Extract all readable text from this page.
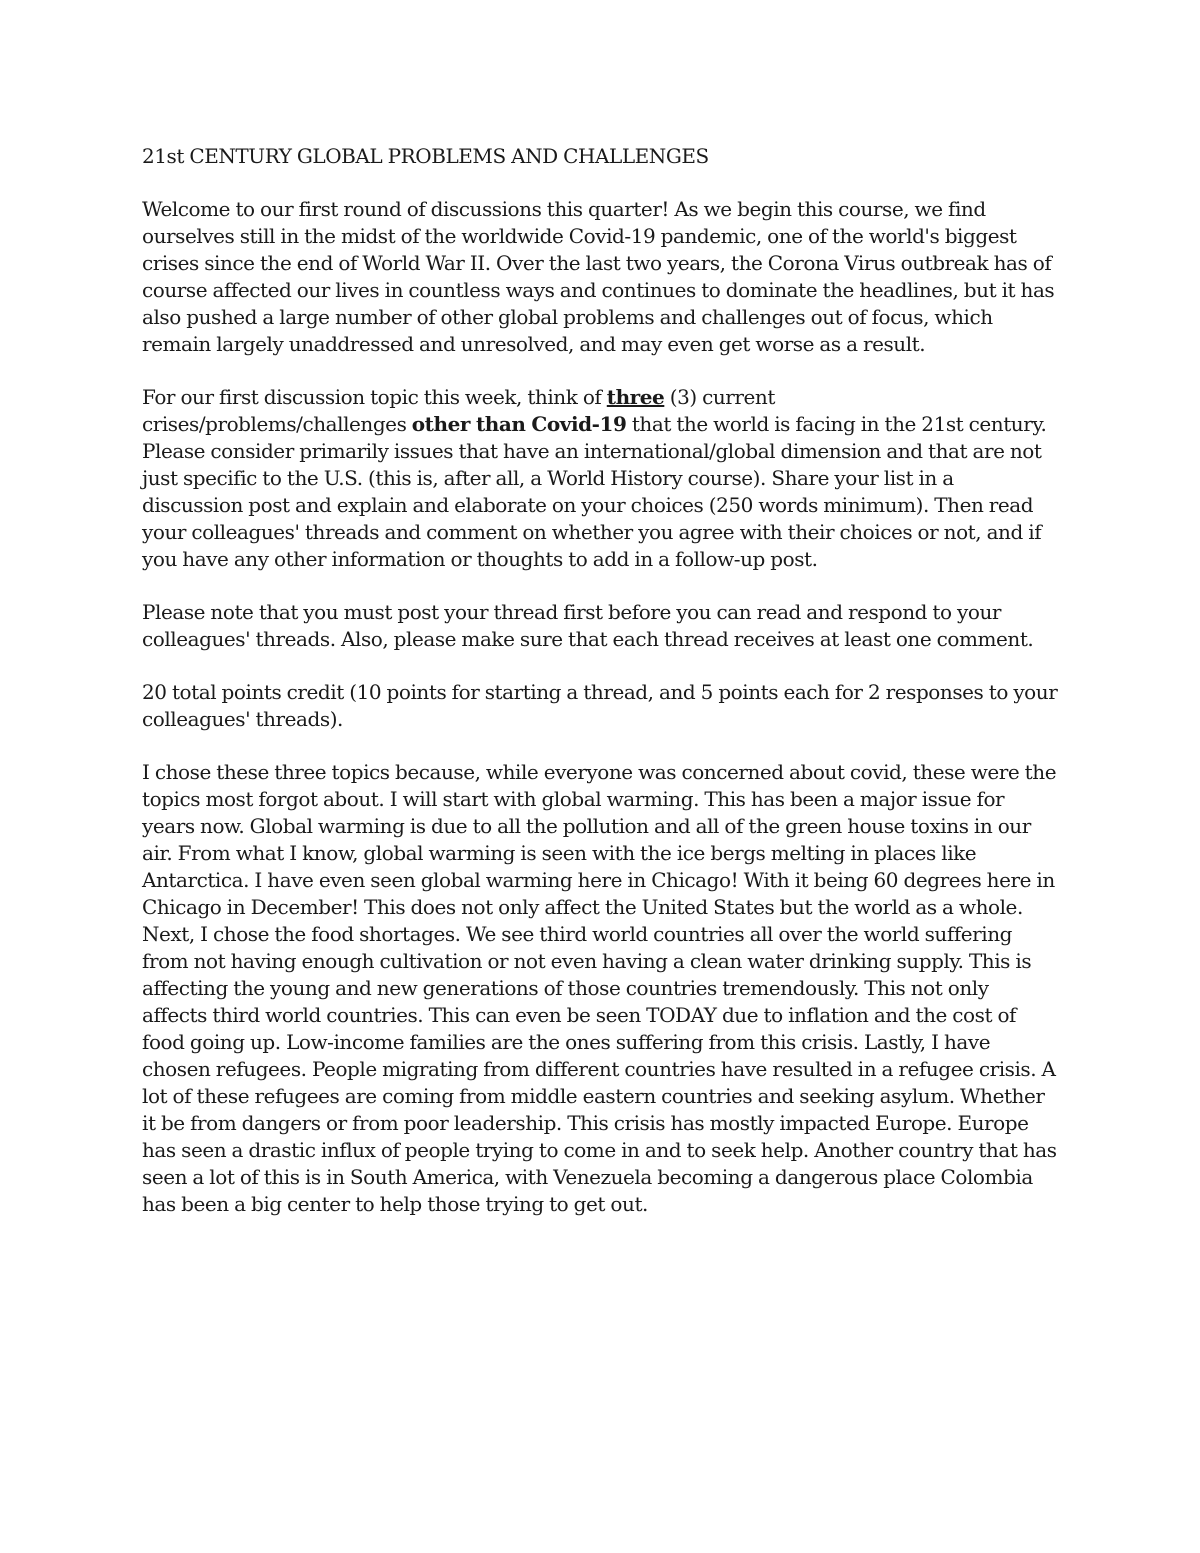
21st CENTURY GLOBAL PROBLEMS AND CHALLENGES
Welcome to our first round of discussions this quarter! As we begin this course, we find
ourselves still in the midst of the worldwide Covid-19 pandemic, one of the world's biggest
crises since the end of World War II. Over the last two years, the Corona Virus outbreak has of
course affected our lives in countless ways and continues to dominate the headlines, but it has
also pushed a large number of other global problems and challenges out of focus, which
remain largely unaddressed and unresolved, and may even get worse as a result.
For our first discussion topic this week, think of three (3) current
crises/problems/challenges other than Covid-19 that the world is facing in the 21st century.
Please consider primarily issues that have an international/global dimension and that are not
just specific to the U.S. (this is, after all, a World History course). Share your list in a
discussion post and explain and elaborate on your choices (250 words minimum). Then read
your colleagues' threads and comment on whether you agree with their choices or not, and if
you have any other information or thoughts to add in a follow-up post.
Please note that you must post your thread first before you can read and respond to your
colleagues' threads. Also, please make sure that each thread receives at least one comment.
20 total points credit (10 points for starting a thread, and 5 points each for 2 responses to your
colleagues' threads).
I chose these three topics because, while everyone was concerned about covid, these were the
topics most forgot about. I will start with global warming. This has been a major issue for
years now. Global warming is due to all the pollution and all of the green house toxins in our
air. From what I know, global warming is seen with the ice bergs melting in places like
Antarctica. I have even seen global warming here in Chicago! With it being 60 degrees here in
Chicago in December! This does not only affect the United States but the world as a whole.
Next, I chose the food shortages. We see third world countries all over the world suffering
from not having enough cultivation or not even having a clean water drinking supply. This is
affecting the young and new generations of those countries tremendously. This not only
affects third world countries. This can even be seen TODAY due to inflation and the cost of
food going up. Low-income families are the ones suffering from this crisis. Lastly, I have
chosen refugees. People migrating from different countries have resulted in a refugee crisis. A
lot of these refugees are coming from middle eastern countries and seeking asylum. Whether
it be from dangers or from poor leadership. This crisis has mostly impacted Europe. Europe
has seen a drastic influx of people trying to come in and to seek help. Another country that has
seen a lot of this is in South America, with Venezuela becoming a dangerous place Colombia
has been a big center to help those trying to get out.
